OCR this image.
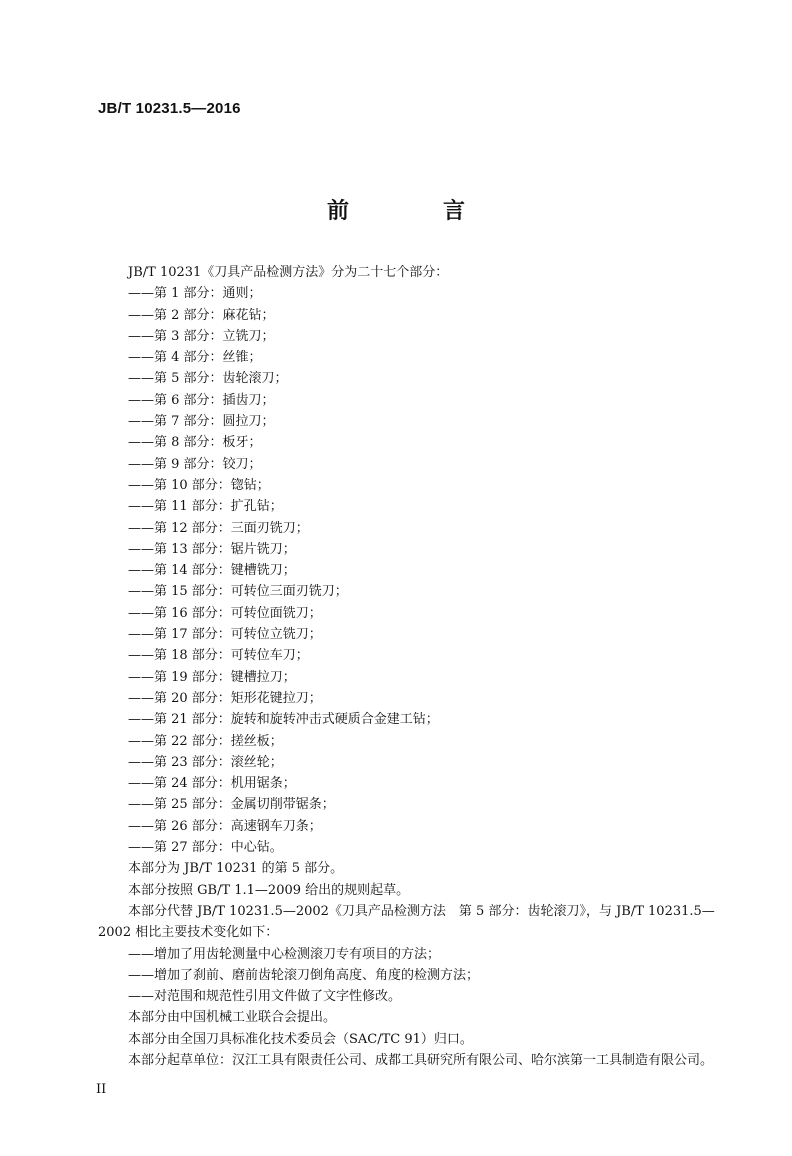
JB/T 10231.5—2016
前　言

JB/T 10231《刀具产品检测方法》分为二十七个部分：

——第 1 部分：通则；
——第 2 部分：麻花钻；
——第 3 部分：立铣刀；
——第 4 部分：丝锥；
——第 5 部分：齿轮滚刀；
——第 6 部分：插齿刀；
——第 7 部分：圆拉刀；
——第 8 部分：板牙；
——第 9 部分：铰刀；
——第 10 部分：锪钻；
——第 11 部分：扩孔钻；
——第 12 部分：三面刃铣刀；
——第 13 部分：锯片铣刀；
——第 14 部分：键槽铣刀；
——第 15 部分：可转位三面刃铣刀；
——第 16 部分：可转位面铣刀；
——第 17 部分：可转位立铣刀；
——第 18 部分：可转位车刀；
——第 19 部分：键槽拉刀；
——第 20 部分：矩形花键拉刀；
——第 21 部分：旋转和旋转冲击式硬质合金建工钻；
——第 22 部分：搓丝板；
——第 23 部分：滚丝轮；
——第 24 部分：机用锯条；
——第 25 部分：金属切削带锯条；
——第 26 部分：高速钢车刀条；
——第 27 部分：中心钻。

本部分为 JB/T 10231 的第 5 部分。

本部分按照 GB/T 1.1—2009 给出的规则起草。

本部分代替 JB/T 10231.5—2002《刀具产品检测方法　第 5 部分：齿轮滚刀》，与 JB/T 10231.5—2002 相比主要技术变化如下：

——增加了用齿轮测量中心检测滚刀专有项目的方法；
——增加了刹前、磨前齿轮滚刀倒角高度、角度的检测方法；
——对范围和规范性引用文件做了文字性修改。

本部分由中国机械工业联合会提出。

本部分由全国刀具标准化技术委员会（SAC/TC 91）归口。

本部分起草单位：汉江工具有限责任公司、成都工具研究所有限公司、哈尔滨第一工具制造有限公司。

II
